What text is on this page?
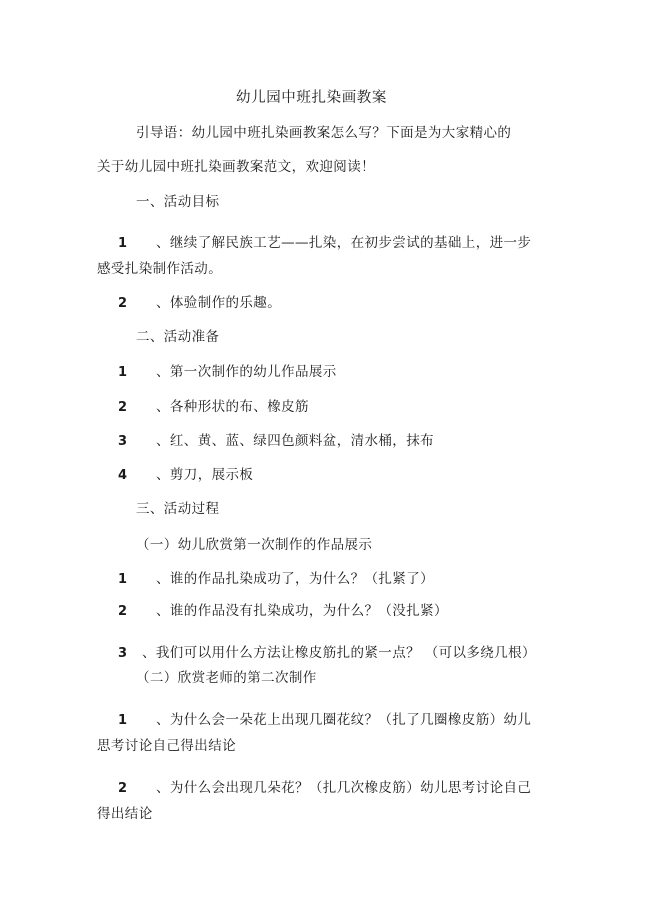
幼儿园中班扎染画教案
引导语：幼儿园中班扎染画教案怎么写？下面是为大家精心的
关于幼儿园中班扎染画教案范文，欢迎阅读！
一、活动目标
1 、继续了解民族工艺——扎染，在初步尝试的基础上，进一步
感受扎染制作活动。
2 、体验制作的乐趣。
二、活动准备
1 、第一次制作的幼儿作品展示
2 、各种形状的布、橡皮筋
3 、红、黄、蓝、绿四色颜料盆，清水桶，抹布
4 、剪刀，展示板
三、活动过程
（一）幼儿欣赏第一次制作的作品展示
1 、谁的作品扎染成功了，为什么？（扎紧了）
2 、谁的作品没有扎染成功，为什么？（没扎紧）
3 、我们可以用什么方法让橡皮筋扎的紧一点？ （可以多绕几根）
（二）欣赏老师的第二次制作
1 、为什么会一朵花上出现几圈花纹？（扎了几圈橡皮筋）幼儿
思考讨论自己得出结论
2 、为什么会出现几朵花？（扎几次橡皮筋）幼儿思考讨论自己
得出结论
